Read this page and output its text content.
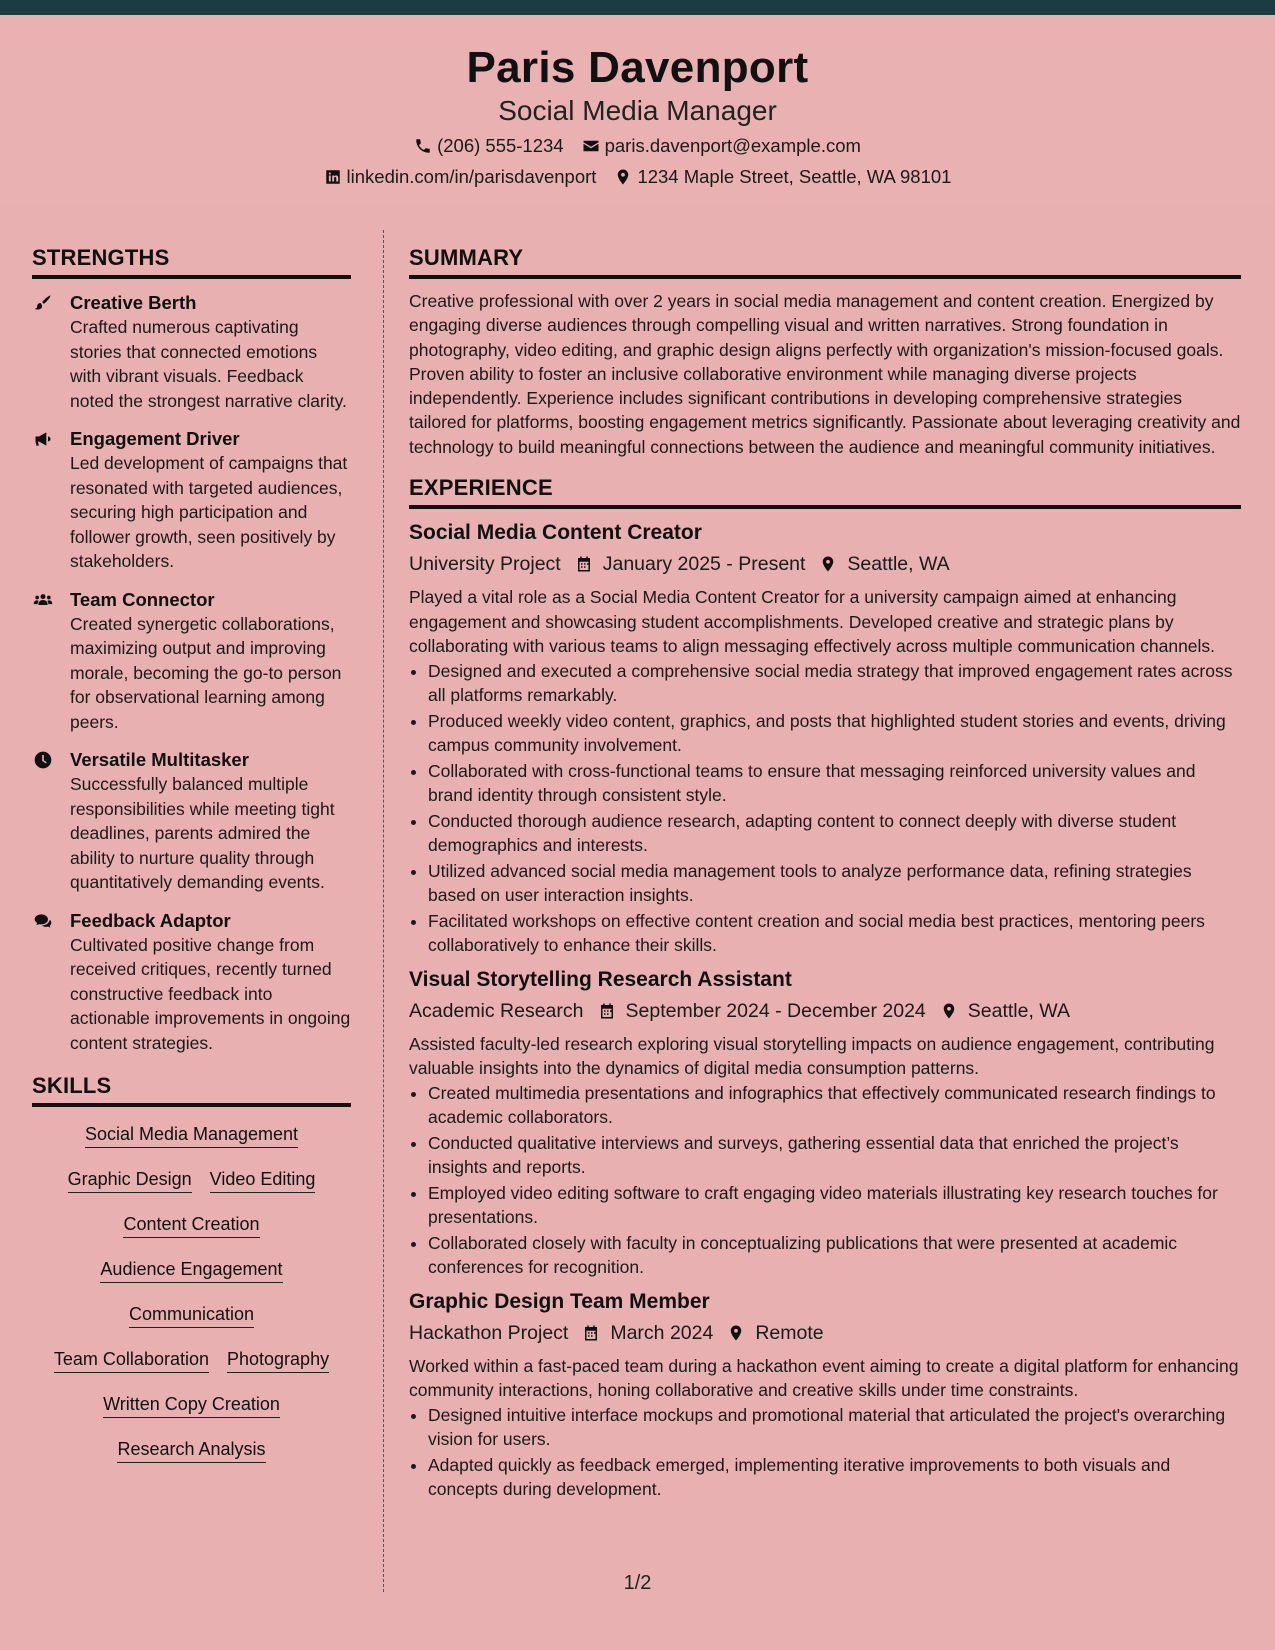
Paris Davenport
Social Media Manager
(206) 555-1234 paris.davenport@example.com
linkedin.com/in/parisdavenport 1234 Maple Street, Seattle, WA 98101
STRENGTHS
Creative Berth
Crafted numerous captivating stories that connected emotions with vibrant visuals. Feedback noted the strongest narrative clarity.
Engagement Driver
Led development of campaigns that resonated with targeted audiences, securing high participation and follower growth, seen positively by stakeholders.
Team Connector
Created synergetic collaborations, maximizing output and improving morale, becoming the go-to person for observational learning among peers.
Versatile Multitasker
Successfully balanced multiple responsibilities while meeting tight deadlines, parents admired the ability to nurture quality through quantitatively demanding events.
Feedback Adaptor
Cultivated positive change from received critiques, recently turned constructive feedback into actionable improvements in ongoing content strategies.
SKILLS
Social Media Management
Graphic Design Video Editing
Content Creation
Audience Engagement
Communication
Team Collaboration Photography
Written Copy Creation
Research Analysis
SUMMARY
Creative professional with over 2 years in social media management and content creation. Energized by engaging diverse audiences through compelling visual and written narratives. Strong foundation in photography, video editing, and graphic design aligns perfectly with organization's mission-focused goals. Proven ability to foster an inclusive collaborative environment while managing diverse projects independently. Experience includes significant contributions in developing comprehensive strategies tailored for platforms, boosting engagement metrics significantly. Passionate about leveraging creativity and technology to build meaningful connections between the audience and meaningful community initiatives.
EXPERIENCE
Social Media Content Creator
University Project January 2025 - Present Seattle, WA
Played a vital role as a Social Media Content Creator for a university campaign aimed at enhancing engagement and showcasing student accomplishments. Developed creative and strategic plans by collaborating with various teams to align messaging effectively across multiple communication channels.
• Designed and executed a comprehensive social media strategy that improved engagement rates across all platforms remarkably.
• Produced weekly video content, graphics, and posts that highlighted student stories and events, driving campus community involvement.
• Collaborated with cross-functional teams to ensure that messaging reinforced university values and brand identity through consistent style.
• Conducted thorough audience research, adapting content to connect deeply with diverse student demographics and interests.
• Utilized advanced social media management tools to analyze performance data, refining strategies based on user interaction insights.
• Facilitated workshops on effective content creation and social media best practices, mentoring peers collaboratively to enhance their skills.
Visual Storytelling Research Assistant
Academic Research September 2024 - December 2024 Seattle, WA
Assisted faculty-led research exploring visual storytelling impacts on audience engagement, contributing valuable insights into the dynamics of digital media consumption patterns.
• Created multimedia presentations and infographics that effectively communicated research findings to academic collaborators.
• Conducted qualitative interviews and surveys, gathering essential data that enriched the project’s insights and reports.
• Employed video editing software to craft engaging video materials illustrating key research touches for presentations.
• Collaborated closely with faculty in conceptualizing publications that were presented at academic conferences for recognition.
Graphic Design Team Member
Hackathon Project March 2024 Remote
Worked within a fast-paced team during a hackathon event aiming to create a digital platform for enhancing community interactions, honing collaborative and creative skills under time constraints.
• Designed intuitive interface mockups and promotional material that articulated the project's overarching vision for users.
• Adapted quickly as feedback emerged, implementing iterative improvements to both visuals and concepts during development.
1/2
